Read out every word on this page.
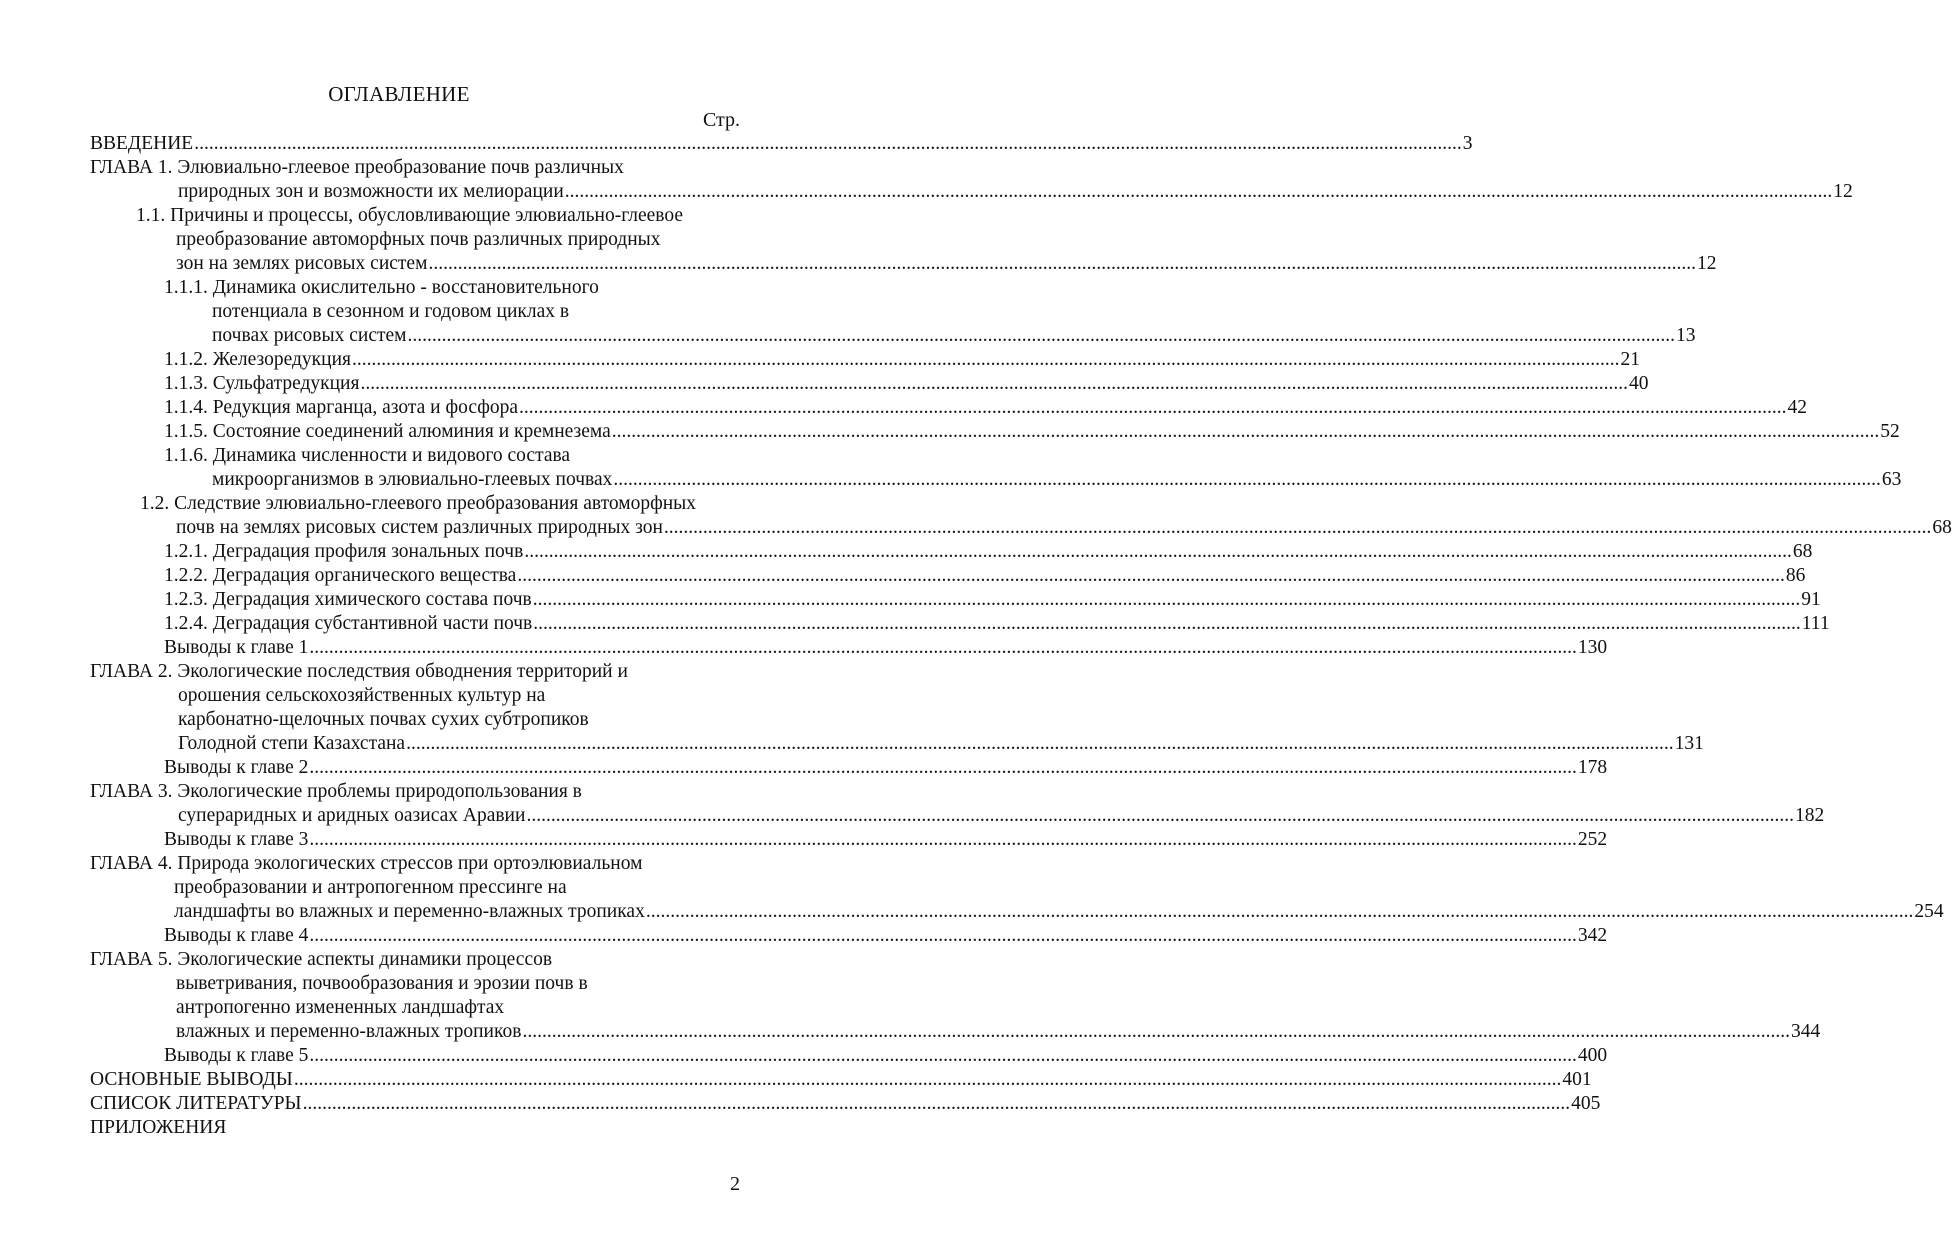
ОГЛАВЛЕНИЕ
Стр.
ВВЕДЕНИЕ .................................................................................................................................................................................................................................................................... 3
ГЛАВА 1. Элювиально-глеевое преобразование почв различных
природных зон и возможности их мелиорации .................................................................................................................................................................................................................................................................... 12
1.1. Причины и процессы, обусловливающие элювиально-глеевое
преобразование автоморфных почв различных природных
зон на землях рисовых систем .................................................................................................................................................................................................................................................................... 12
1.1.1. Динамика окислительно - восстановительного
потенциала в сезонном и годовом циклах в
почвах рисовых систем .................................................................................................................................................................................................................................................................... 13
1.1.2. Железоредукция .................................................................................................................................................................................................................................................................... 21
1.1.3. Сульфатредукция .................................................................................................................................................................................................................................................................... 40
1.1.4. Редукция марганца, азота и фосфора .................................................................................................................................................................................................................................................................... 42
1.1.5. Состояние соединений алюминия и кремнезема .................................................................................................................................................................................................................................................................... 52
1.1.6. Динамика численности и видового состава
микроорганизмов в элювиально-глеевых почвах .................................................................................................................................................................................................................................................................... 63
1.2. Следствие элювиально-глеевого преобразования автоморфных
почв на землях рисовых систем различных природных зон .................................................................................................................................................................................................................................................................... 68
1.2.1. Деградация профиля зональных почв .................................................................................................................................................................................................................................................................... 68
1.2.2. Деградация органического вещества .................................................................................................................................................................................................................................................................... 86
1.2.3. Деградация химического состава почв .................................................................................................................................................................................................................................................................... 91
1.2.4. Деградация субстантивной части почв .................................................................................................................................................................................................................................................................... 111
Выводы к главе 1 .................................................................................................................................................................................................................................................................... 130
ГЛАВА 2. Экологические последствия обводнения территорий и
орошения сельскохозяйственных культур на
карбонатно-щелочных почвах сухих субтропиков
Голодной степи Казахстана .................................................................................................................................................................................................................................................................... 131
Выводы к главе 2 .................................................................................................................................................................................................................................................................... 178
ГЛАВА 3. Экологические проблемы природопользования в
супераридных и аридных оазисах Аравии .................................................................................................................................................................................................................................................................... 182
Выводы к главе 3 .................................................................................................................................................................................................................................................................... 252
ГЛАВА 4. Природа экологических стрессов при ортоэлювиальном
преобразовании и антропогенном прессинге на
ландшафты во влажных и переменно-влажных тропиках .................................................................................................................................................................................................................................................................... 254
Выводы к главе 4 .................................................................................................................................................................................................................................................................... 342
ГЛАВА 5. Экологические аспекты динамики процессов
выветривания, почвообразования и эрозии почв в
антропогенно измененных ландшафтах
влажных и переменно-влажных тропиков .................................................................................................................................................................................................................................................................... 344
Выводы к главе 5 .................................................................................................................................................................................................................................................................... 400
ОСНОВНЫЕ ВЫВОДЫ .................................................................................................................................................................................................................................................................... 401
СПИСОК ЛИТЕРАТУРЫ .................................................................................................................................................................................................................................................................... 405
ПРИЛОЖЕНИЯ
2
